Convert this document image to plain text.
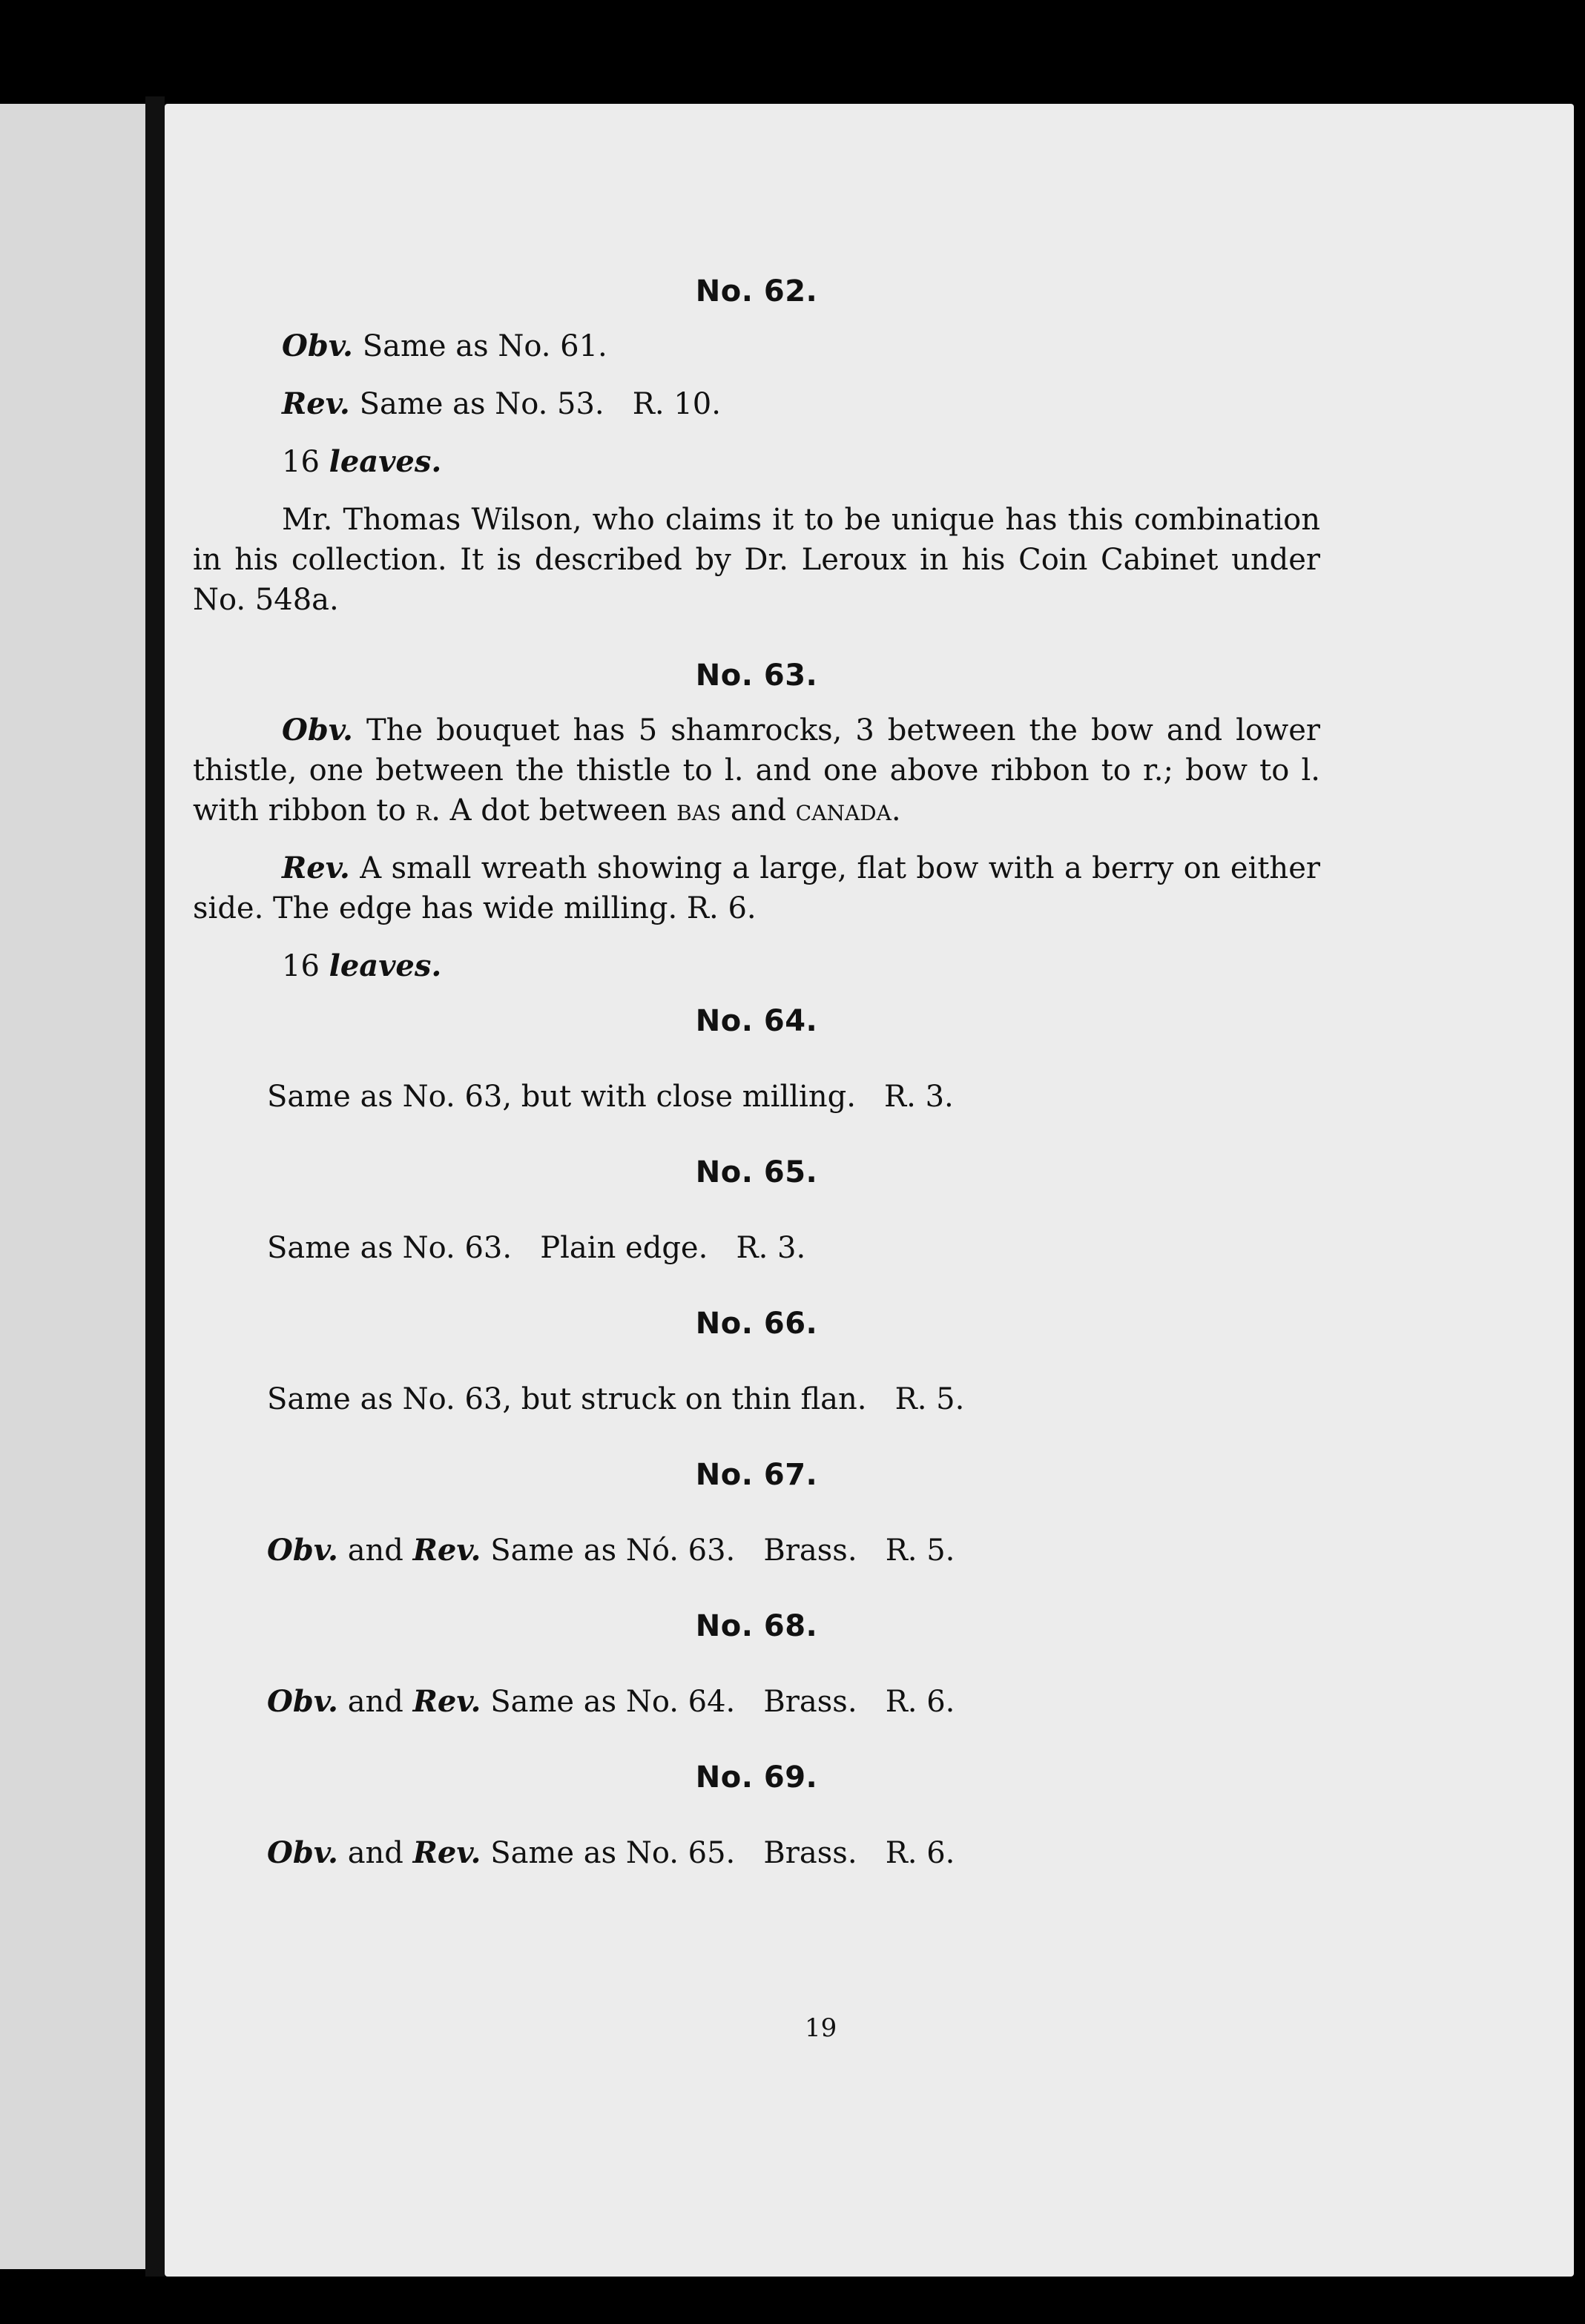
No. 62.

Obv. Same as No. 61.

Rev. Same as No. 53.   R. 10.

16 leaves.

Mr. Thomas Wilson, who claims it to be unique has this combination in his collection. It is described by Dr. Leroux in his Coin Cabinet under No. 548a.

No. 63.

Obv. The bouquet has 5 shamrocks, 3 between the bow and lower thistle, one between the thistle to l. and one above ribbon to r.; bow to l. with ribbon to r. A dot between bas and canada.

Rev. A small wreath showing a large, flat bow with a berry on either side. The edge has wide milling. R. 6.

16 leaves.

No. 64.

Same as No. 63, but with close milling.   R. 3.

No. 65.

Same as No. 63.   Plain edge.   R. 3.

No. 66.

Same as No. 63, but struck on thin flan.   R. 5.

No. 67.

Obv. and Rev. Same as Nó. 63.   Brass.   R. 5.

No. 68.

Obv. and Rev. Same as No. 64.   Brass.   R. 6.

No. 69.

Obv. and Rev. Same as No. 65.   Brass.   R. 6.

19
